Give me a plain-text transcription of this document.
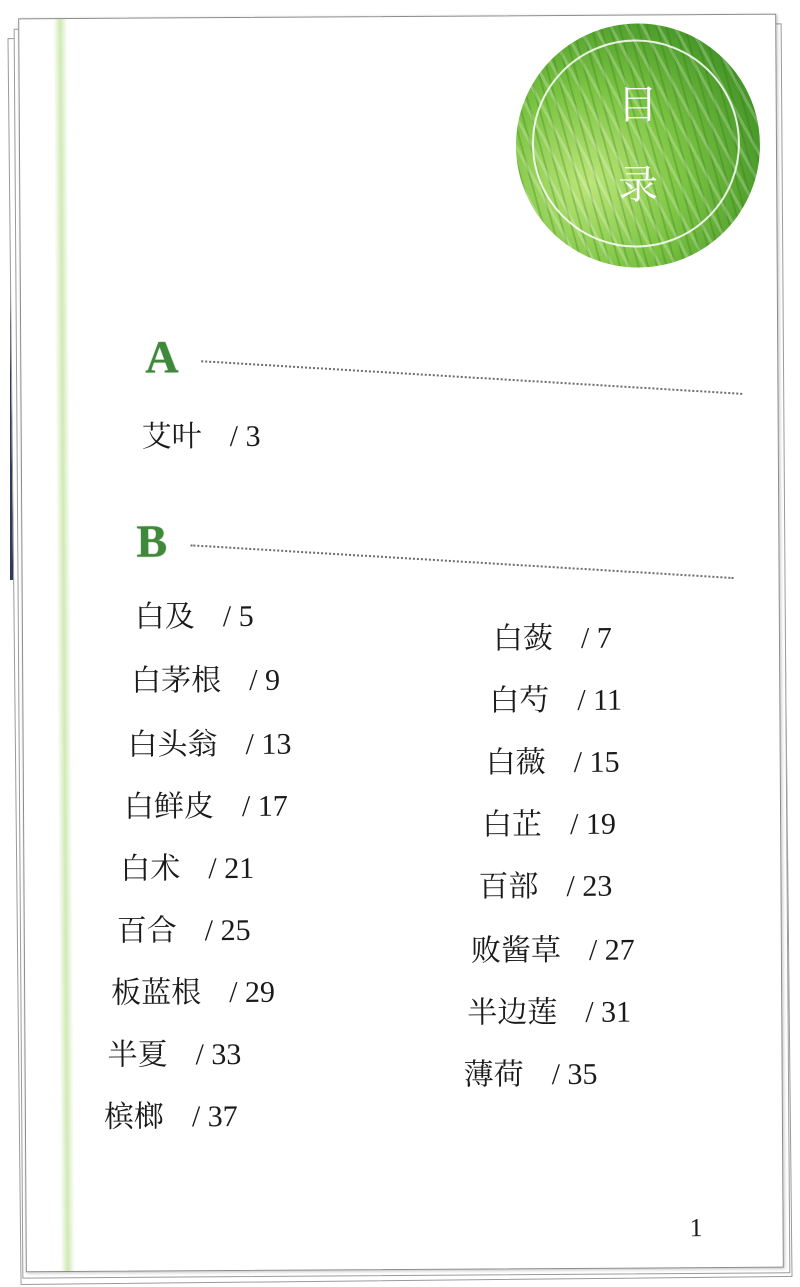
目
录
A
艾叶 / 3
B
白及 / 5
白茅根 / 9
白头翁 / 13
白鲜皮 / 17
白术 / 21
百合 / 25
板蓝根 / 29
半夏 / 33
槟榔 / 37
白蔹 / 7
白芍 / 11
白薇 / 15
白芷 / 19
百部 / 23
败酱草 / 27
半边莲 / 31
薄荷 / 35
1
